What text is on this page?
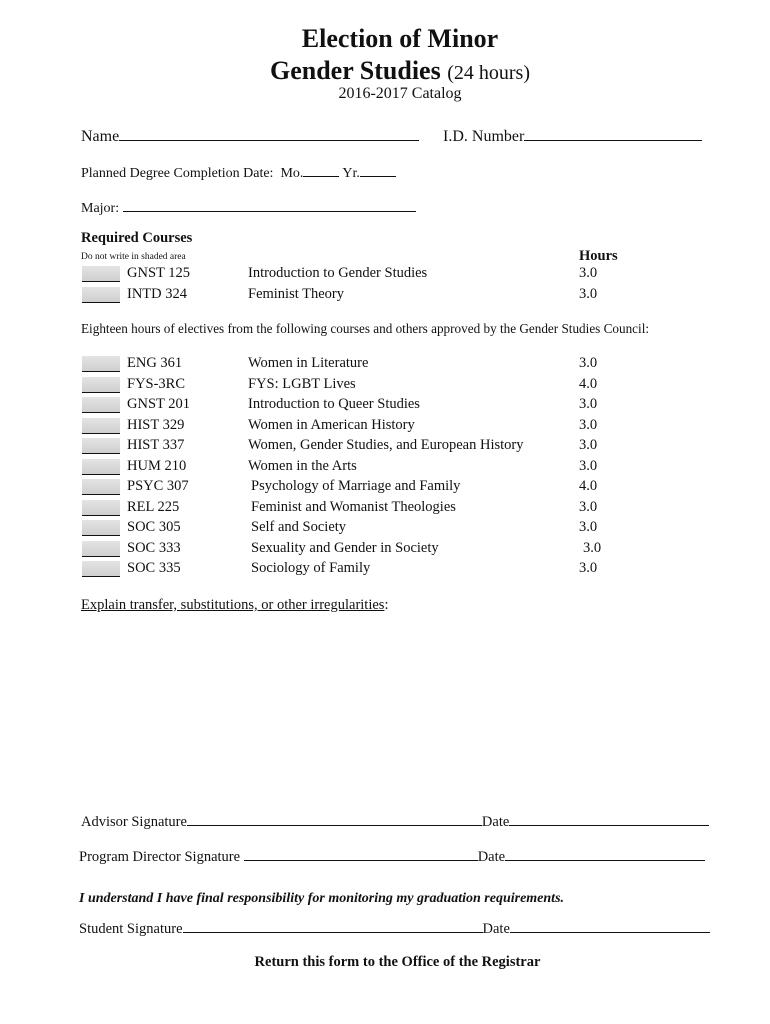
Election of Minor
Gender Studies (24 hours)
2016-2017 Catalog
Name	I.D. Number
Planned Degree Completion Date: Mo.	Yr.
Major:
Required Courses
Do not write in shaded area	Hours
GNST 125	Introduction to Gender Studies	3.0
INTD 324	Feminist Theory	3.0
Eighteen hours of electives from the following courses and others approved by the Gender Studies Council:
ENG 361	Women in Literature	3.0
FYS-3RC	FYS: LGBT Lives	4.0
GNST 201	Introduction to Queer Studies	3.0
HIST 329	Women in American History	3.0
HIST 337	Women, Gender Studies, and European History	3.0
HUM 210	Women in the Arts	3.0
PSYC 307	Psychology of Marriage and Family	4.0
REL 225	Feminist and Womanist Theologies	3.0
SOC 305	Self and Society	3.0
SOC 333	Sexuality and Gender in Society	3.0
SOC 335	Sociology of Family	3.0
Explain transfer, substitutions, or other irregularities:
Advisor Signature	Date
Program Director Signature	Date
I understand I have final responsibility for monitoring my graduation requirements.
Student Signature	Date
Return this form to the Office of the Registrar
